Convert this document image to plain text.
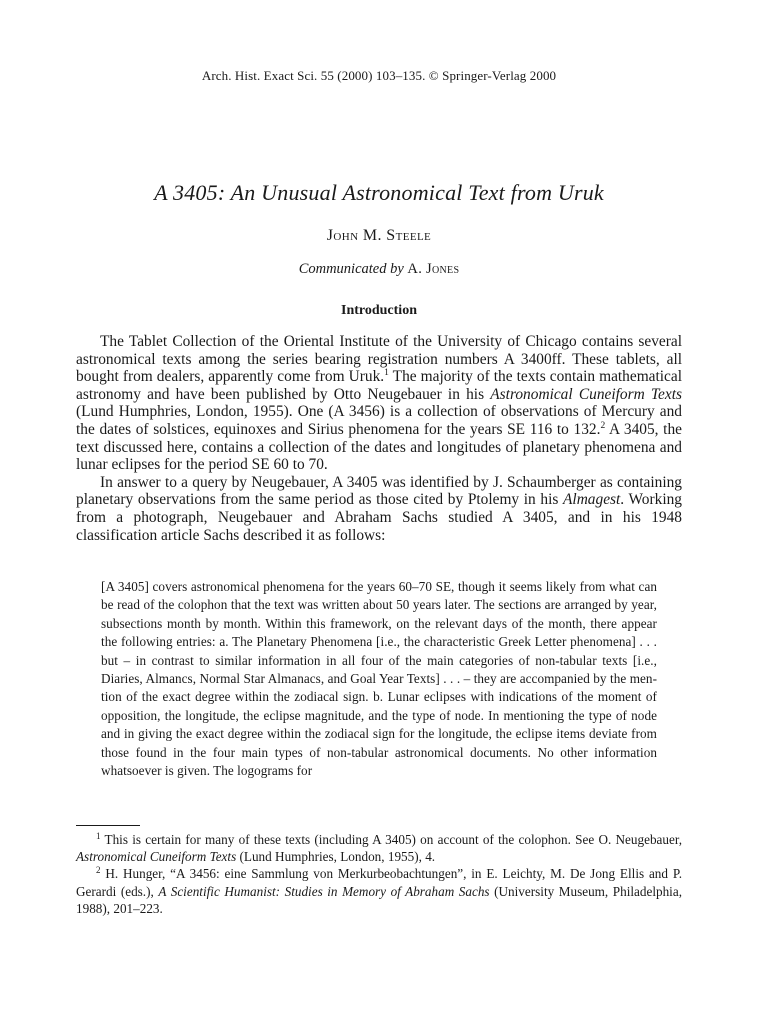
Arch. Hist. Exact Sci. 55 (2000) 103–135. © Springer-Verlag 2000
A 3405: An Unusual Astronomical Text from Uruk
John M. Steele
Communicated by A. Jones
Introduction

The Tablet Collection of the Oriental Institute of the University of Chicago contains several astronomical texts among the series bearing registration numbers A 3400ff. These tablets, all bought from dealers, apparently come from Uruk.$^1$ The majority of the texts contain mathematical astronomy and have been published by Otto Neugebauer in his Astronomical Cuneiform Texts (Lund Humphries, London, 1955). One (A 3456) is a collection of observations of Mercury and the dates of solstices, equinoxes and Sirius phenomena for the years SE 116 to 132.$^2$ A 3405, the text discussed here, contains a collection of the dates and longitudes of planetary phenomena and lunar eclipses for the period SE 60 to 70.

In answer to a query by Neugebauer, A 3405 was identified by J. Schaumberger as containing planetary observations from the same period as those cited by Ptolemy in his Almagest. Working from a photograph, Neugebauer and Abraham Sachs studied A 3405, and in his 1948 classification article Sachs described it as follows:

[A 3405] covers astronomical phenomena for the years 60–70 SE, though it seems likely from what can be read of the colophon that the text was written about 50 years later. The sections are arranged by year, subsections month by month. Within this framework, on the relevant days of the month, there appear the following entries: a. The Planetary Phenomena [i.e., the characteristic Greek Letter phenomena] . . . but – in contrast to similar information in all four of the main categories of non-tabular texts [i.e., Diaries, Almancs, Normal Star Almanacs, and Goal Year Texts] . . . – they are accompanied by the mention of the exact degree within the zodiacal sign. b. Lunar eclipses with indications of the moment of opposition, the longitude, the eclipse magnitude, and the type of node. In mentioning the type of node and in giving the exact degree within the zodiacal sign for the longitude, the eclipse items deviate from those found in the four main types of non-tabular astronomical documents. No other information whatsoever is given. The logograms for

$^1$ This is certain for many of these texts (including A 3405) on account of the colophon. See O. Neugebauer, Astronomical Cuneiform Texts (Lund Humphries, London, 1955), 4.

$^2$ H. Hunger, “A 3456: eine Sammlung von Merkurbeobachtungen”, in E. Leichty, M. De Jong Ellis and P. Gerardi (eds.), A Scientific Humanist: Studies in Memory of Abraham Sachs (University Museum, Philadelphia, 1988), 201–223.
